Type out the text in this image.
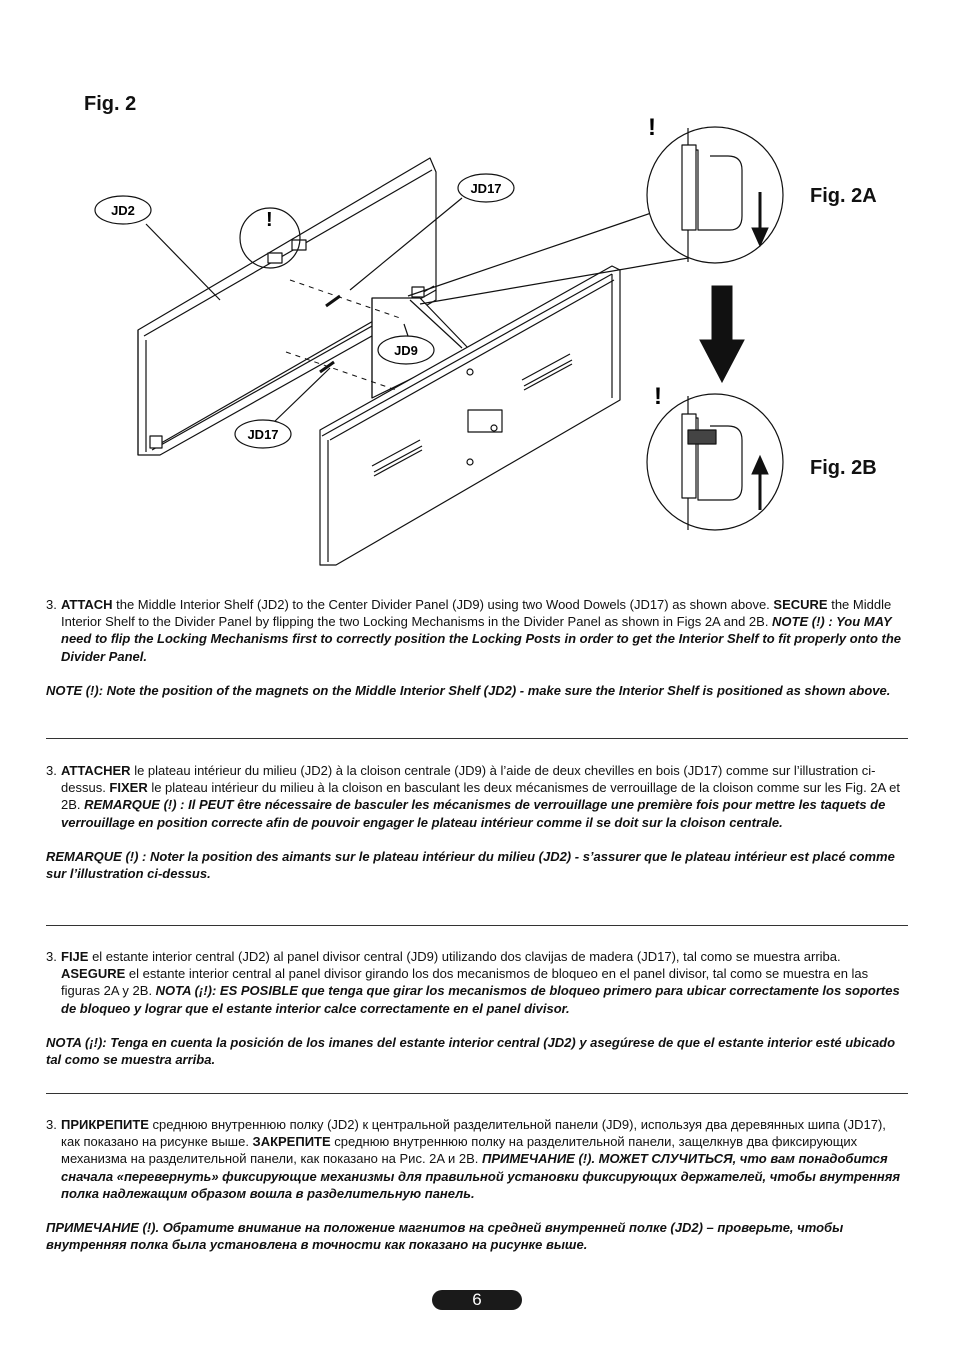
Fig. 2
Fig. 2A
Fig. 2B
JD2
JD17
JD9
JD17
!
!
!
3. ATTACH the Middle Interior Shelf (JD2) to the Center Divider Panel (JD9) using two Wood Dowels (JD17) as shown above. SECURE the Middle Interior Shelf to the Divider Panel by flipping the two Locking Mechanisms in the Divider Panel as shown in Figs 2A and 2B. NOTE (!) : You MAY need to flip the Locking Mechanisms first to correctly position the Locking Posts in order to get the Interior Shelf to fit properly onto the Divider Panel.
NOTE (!): Note the position of the magnets on the Middle Interior Shelf (JD2) - make sure the Interior Shelf is positioned as shown above.
3. ATTACHER le plateau intérieur du milieu (JD2) à la cloison centrale (JD9) à l’aide de deux chevilles en bois (JD17) comme sur l’illustration ci-dessus. FIXER le plateau intérieur du milieu à la cloison en basculant les deux mécanismes de verrouillage de la cloison comme sur les Fig. 2A et 2B. REMARQUE (!) : Il PEUT être nécessaire de basculer les mécanismes de verrouillage une première fois pour mettre les taquets de verrouillage en position correcte afin de pouvoir engager le plateau intérieur comme il se doit sur la cloison centrale.
REMARQUE (!) : Noter la position des aimants sur le plateau intérieur du milieu (JD2) - s’assurer que le plateau intérieur est placé comme sur l’illustration ci-dessus.
3. FIJE el estante interior central (JD2) al panel divisor central (JD9) utilizando dos clavijas de madera (JD17), tal como se muestra arriba. ASEGURE el estante interior central al panel divisor girando los dos mecanismos de bloqueo en el panel divisor, tal como se muestra en las figuras 2A y 2B. NOTA (¡!): ES POSIBLE que tenga que girar los mecanismos de bloqueo primero para ubicar correctamente los soportes de bloqueo y lograr que el estante interior calce correctamente en el panel divisor.
NOTA (¡!): Tenga en cuenta la posición de los imanes del estante interior central (JD2) y asegúrese de que el estante interior esté ubicado tal como se muestra arriba.
3. ПРИКРЕПИТЕ среднюю внутреннюю полку (JD2) к центральной разделительной панели (JD9), используя два деревянных шипа (JD17), как показано на рисунке выше. ЗАКРЕПИТЕ среднюю внутреннюю полку на разделительной панели, защелкнув два фиксирующих механизма на разделительной панели, как показано на Рис. 2A и 2B. ПРИМЕЧАНИЕ (!). МОЖЕТ СЛУЧИТЬСЯ, что вам понадобится сначала «перевернуть» фиксирующие механизмы для правильной установки фиксирующих держателей, чтобы внутренняя полка надлежащим образом вошла в разделительную панель.
ПРИМЕЧАНИЕ (!). Обратите внимание на положение магнитов на средней внутренней полке (JD2) – проверьте, чтобы внутренняя полка была установлена в точности как показано на рисунке выше.
6
